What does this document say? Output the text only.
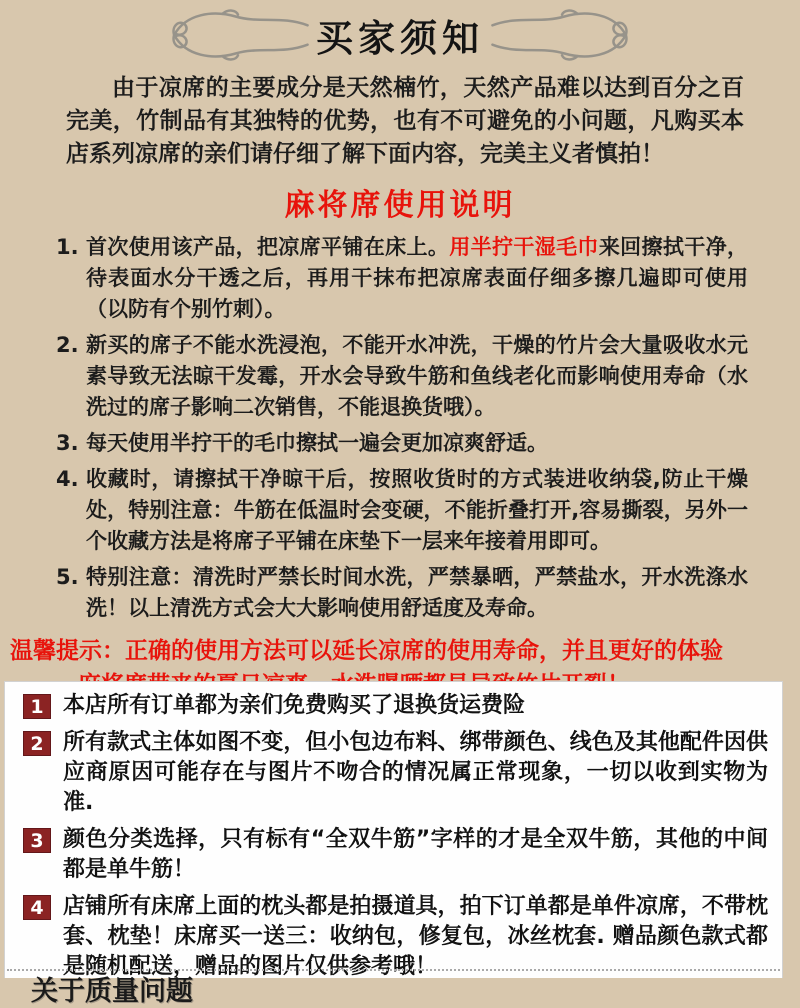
买家须知

由于凉席的主要成分是天然楠竹，天然产品难以达到百分之百完美，竹制品有其独特的优势，也有不可避免的小问题，凡购买本店系列凉席的亲们请仔细了解下面内容，完美主义者慎拍！

麻将席使用说明
1. 首次使用该产品，把凉席平铺在床上。用半拧干湿毛巾来回擦拭干净，待表面水分干透之后，再用干抹布把凉席表面仔细多擦几遍即可使用（以防有个别竹刺）。
2. 新买的席子不能水洗浸泡，不能开水冲洗，干燥的竹片会大量吸收水元素导致无法晾干发霉，开水会导致牛筋和鱼线老化而影响使用寿命（水洗过的席子影响二次销售，不能退换货哦）。
3. 每天使用半拧干的毛巾擦拭一遍会更加凉爽舒适。
4. 收藏时，请擦拭干净晾干后，按照收货时的方式装进收纳袋,防止干燥处，特别注意：牛筋在低温时会变硬，不能折叠打开,容易撕裂，另外一个收藏方法是将席子平铺在床垫下一层来年接着用即可。
5. 特别注意：清洗时严禁长时间水洗，严禁暴晒，严禁盐水，开水洗涤水洗！以上清洗方式会大大影响使用舒适度及寿命。
温馨提示：正确的使用方法可以延长凉席的使用寿命，并且更好的体验
1 本店所有订单都为亲们免费购买了退换货运费险
2 所有款式主体如图不变，但小包边布料、绑带颜色、线色及其他配件因供应商原因可能存在与图片不吻合的情况属正常现象，一切以收到实物为准.
3 颜色分类选择，只有标有“全双牛筋”字样的才是全双牛筋，其他的中间都是单牛筋！
4 店铺所有床席上面的枕头都是拍摄道具，拍下订单都是单件凉席，不带枕套、枕垫！床席买一送三：收纳包，修复包，冰丝枕套. 赠品颜色款式都是随机配送，赠品的图片仅供参考哦！
关于质量问题
